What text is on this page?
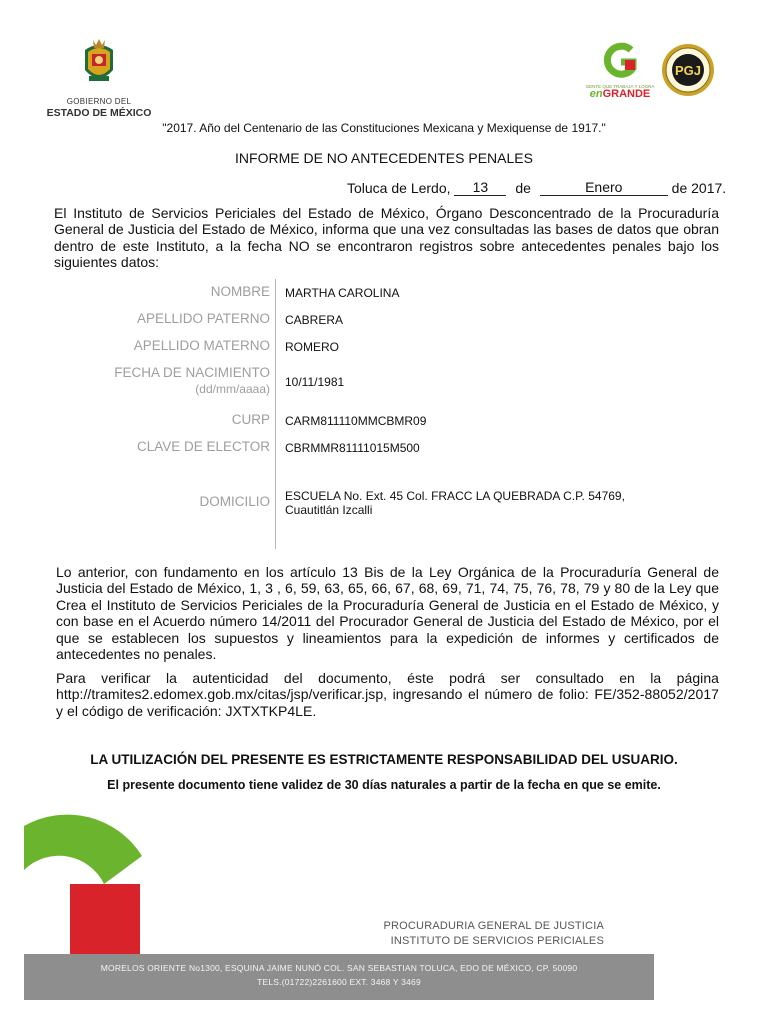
GOBIERNO DEL
ESTADO DE MÉXICO
GENTE QUE TRABAJA Y LOGRA
enGRANDE
PGJ
"2017. Año del Centenario de las Constituciones Mexicana y Mexiquense de 1917."
INFORME DE NO ANTECEDENTES PENALES
Toluca de Lerdo, 13 de	Enero	de 2017.
El Instituto de Servicios Periciales del Estado de México, Órgano Desconcentrado de la Procuraduría General de Justicia del Estado de México, informa que una vez consultadas las bases de datos que obran dentro de este Instituto, a la fecha NO se encontraron registros sobre antecedentes penales bajo los siguientes datos:
NOMBRE MARTHA CAROLINA
APELLIDO PATERNO CABRERA
APELLIDO MATERNO ROMERO
FECHA DE NACIMIENTO
(dd/mm/aaaa) 10/11/1981
CURP CARM811110MMCBMR09
CLAVE DE ELECTOR CBRMMR81111015M500
DOMICILIO ESCUELA No. Ext. 45 Col. FRACC LA QUEBRADA C.P. 54769,
Cuautitlán Izcalli
Lo anterior, con fundamento en los artículo 13 Bis de la Ley Orgánica de la Procuraduría General de Justicia del Estado de México, 1, 3 , 6, 59, 63, 65, 66, 67, 68, 69, 71, 74, 75, 76, 78, 79 y 80 de la Ley que Crea el Instituto de Servicios Periciales de la Procuraduría General de Justicia en el Estado de México, y con base en el Acuerdo número 14/2011 del Procurador General de Justicia del Estado de México, por el que se establecen los supuestos y lineamientos para la expedición de informes y certificados de antecedentes no penales.
Para verificar la autenticidad del documento, éste podrá ser consultado en la página http://tramites2.edomex.gob.mx/citas/jsp/verificar.jsp, ingresando el número de folio: FE/352-88052/2017 y el código de verificación: JXTXTKP4LE.
LA UTILIZACIÓN DEL PRESENTE ES ESTRICTAMENTE RESPONSABILIDAD DEL USUARIO.
El presente documento tiene validez de 30 días naturales a partir de la fecha en que se emite.
PROCURADURIA GENERAL DE JUSTICIA
INSTITUTO DE SERVICIOS PERICIALES
MORELOS ORIENTE No1300, ESQUINA JAIME NUNÓ COL. SAN SEBASTIAN TOLUCA, EDO DE MÉXICO, CP. 50090
TELS.(01722)2261600 EXT. 3468 Y 3469
